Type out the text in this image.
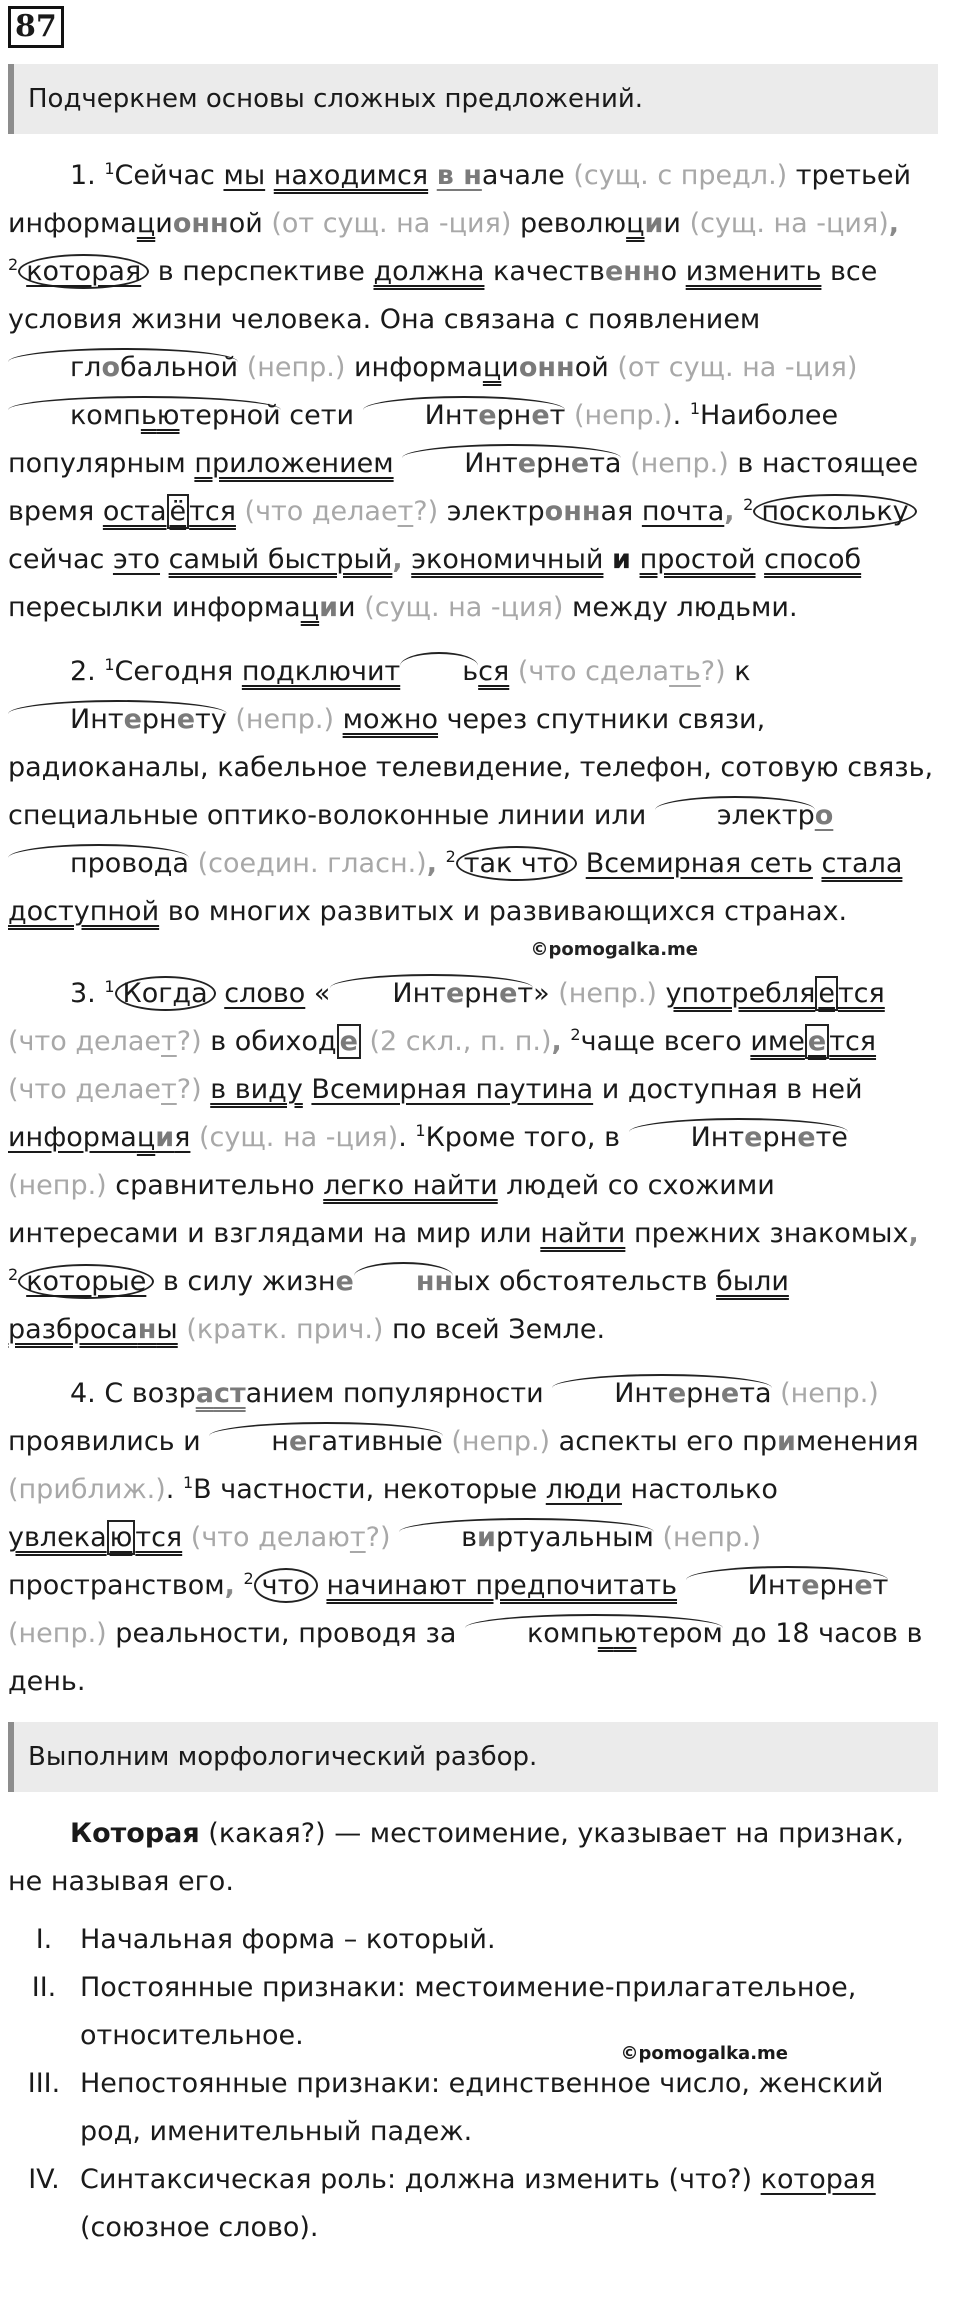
87
Подчеркнем основы сложных предложений.

1. $^1$Сейчас мы находимся в начале (сущ. с предл.) третьей информационной (от сущ. на -ция) революции (сущ. на -ция), $^2$ которая в перспективе должна качественно изменить все условия жизни человека. Она связана с появлением глобальной (непр.) информационной (от сущ. на -ция) компьютерной сети Интернет (непр.). $^1$Наиболее популярным приложением	Интернета (непр.) в настоящее время оста ё тся (что делает?) электронная почта, $^2$ поскольку сейчас это самый быстрый, экономичный и простой способ пересылки информации (сущ. на -ция) между людьми.

2. $^1$Сегодня подключит ься (что сделать?) к Интернету (непр.) можно через спутники связи, радиоканалы, кабельное телевидение, телефон, сотовую связь, специальные оптико-волоконные линии или электропровода (соедин. гласн.), $^2$ так что Всемирная сеть стала доступной во многих развитых и развивающихся странах.

©pomogalka.me

3. $^1$ Когда слово « Интернет» (непр.) употребля е тся (что делает?) в обиход е (2 скл., п. п.), $^2$чаще всего име е тся (что делает?) в виду Всемирная паутина и доступная в ней информация (сущ. на -ция). $^1$Кроме того, в Интернете (непр.) сравнительно легко найти людей со схожими интересами и взглядами на мир или найти прежних знакомых, $^2$ которые в силу жизне нных обстоятельств были разбросаны (кратк. прич.) по всей Земле.

4. С возрастанием популярности Интернета (непр.) проявились и негативные (непр.) аспекты его применения (приближ.). $^1$В частности, некоторые люди настолько увлека ю тся (что делают?)	виртуальным (непр.) пространством, $^2$ что начинают предпочитать	Интернет (непр.) реальности, проводя за компьютером до 18 часов в день.

Выполним морфологический разбор.

Которая (какая?) — местоимение, указывает на признак, не называя его.

I.	Начальная форма – который.
II. Постоянные признаки: местоимение-прилагательное, относительное.
©pomogalka.me
III. Непостоянные признаки: единственное число, женский род, именительный падеж.
IV. Синтаксическая роль: должна изменить (что?) которая (союзное слово).
